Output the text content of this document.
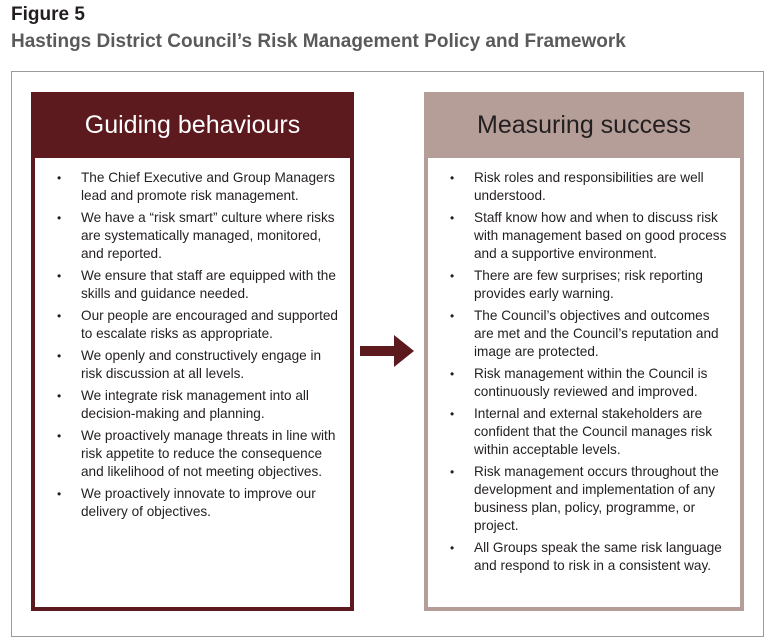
Figure 5
Hastings District Council’s Risk Management Policy and Framework
Guiding behaviours
• The Chief Executive and Group Managers lead and promote risk management.
• We have a “risk smart” culture where risks are systematically managed, monitored, and reported.
• We ensure that staff are equipped with the skills and guidance needed.
• Our people are encouraged and supported to escalate risks as appropriate.
• We openly and constructively engage in risk discussion at all levels.
• We integrate risk management into all decision-making and planning.
• We proactively manage threats in line with risk appetite to reduce the consequence and likelihood of not meeting objectives.
• We proactively innovate to improve our delivery of objectives.
Measuring success
• Risk roles and responsibilities are well understood.
• Staff know how and when to discuss risk with management based on good process and a supportive environment.
• There are few surprises; risk reporting provides early warning.
• The Council’s objectives and outcomes are met and the Council’s reputation and image are protected.
• Risk management within the Council is continuously reviewed and improved.
• Internal and external stakeholders are confident that the Council manages risk within acceptable levels.
• Risk management occurs throughout the development and implementation of any business plan, policy, programme, or project.
• All Groups speak the same risk language and respond to risk in a consistent way.
